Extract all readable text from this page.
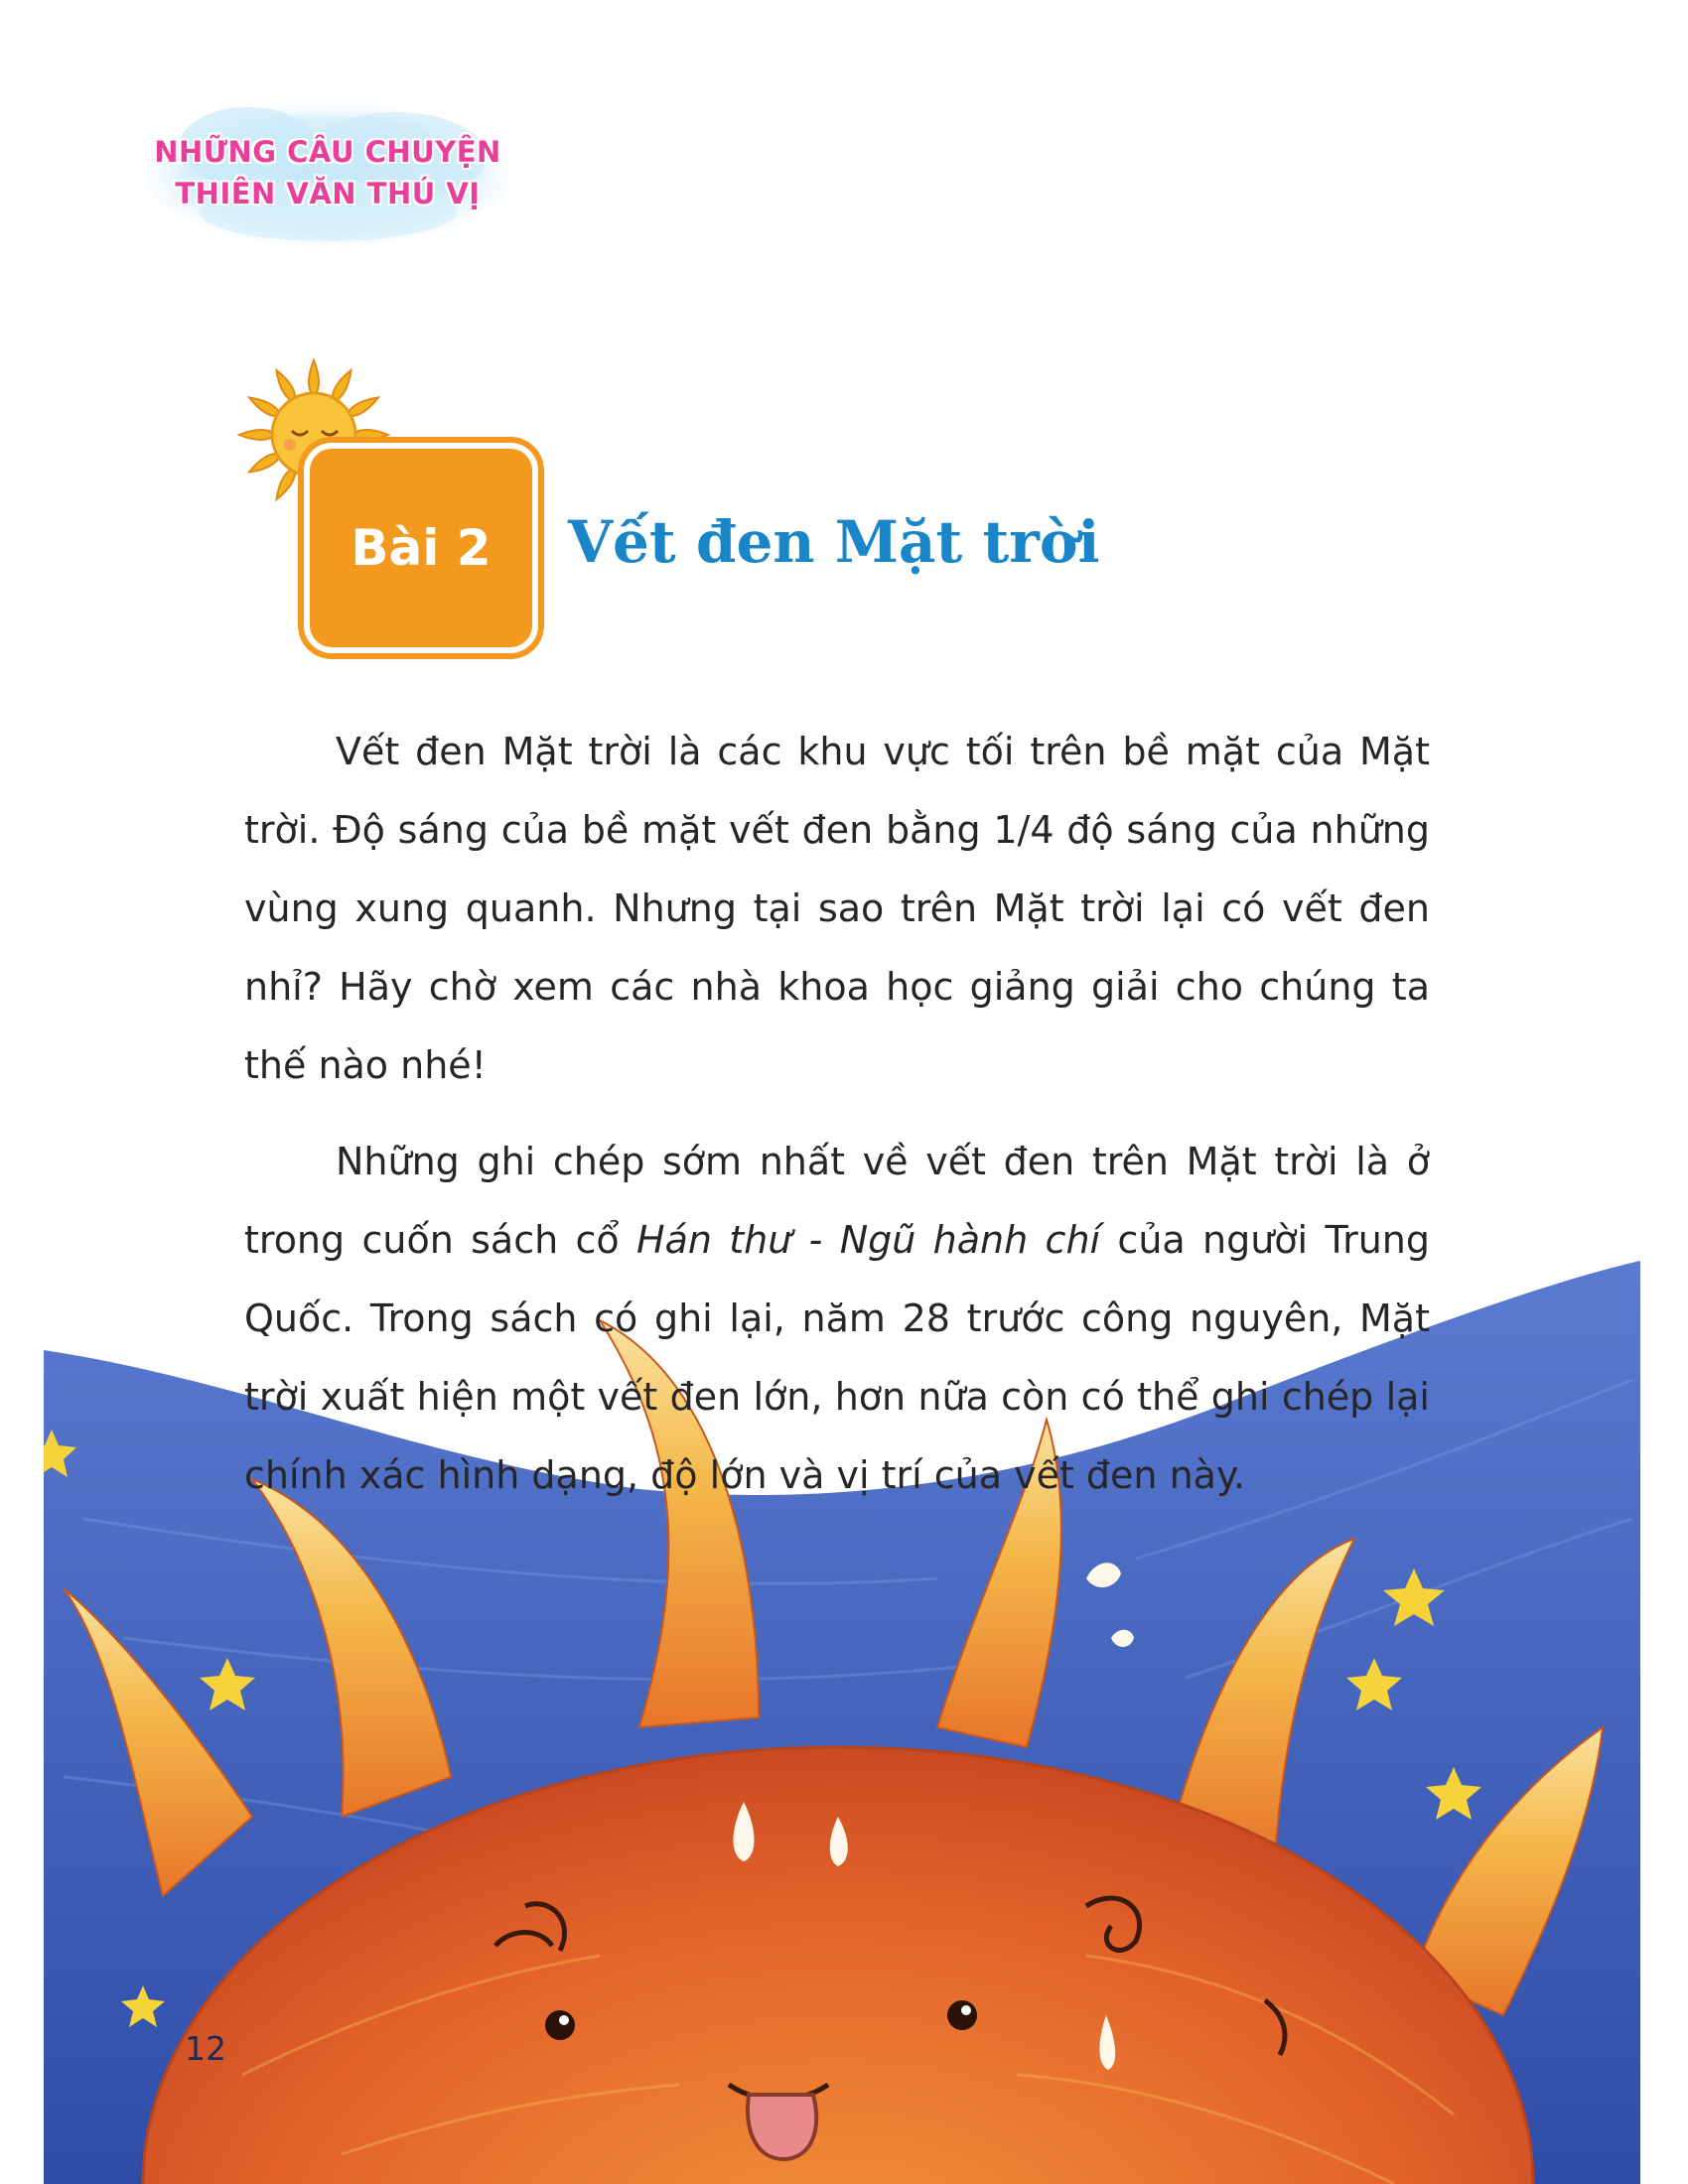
NHỮNG CÂU CHUYỆN
THIÊN VĂN THÚ VỊ
Bài 2 Vết đen Mặt trời

Vết đen Mặt trời là các khu vực tối trên bề mặt của Mặt trời. Độ sáng của bề mặt vết đen bằng 1/4 độ sáng của những vùng xung quanh. Nhưng tại sao trên Mặt trời lại có vết đen nhỉ? Hãy chờ xem các nhà khoa học giảng giải cho chúng ta thế nào nhé!

Những ghi chép sớm nhất về vết đen trên Mặt trời là ở trong cuốn sách cổ Hán thư - Ngũ hành chí của người Trung Quốc. Trong sách có ghi lại, năm 28 trước công nguyên, Mặt trời xuất hiện một vết đen lớn, hơn nữa còn có thể ghi chép lại chính xác hình dạng, độ lớn và vị trí của vết đen này.

12
